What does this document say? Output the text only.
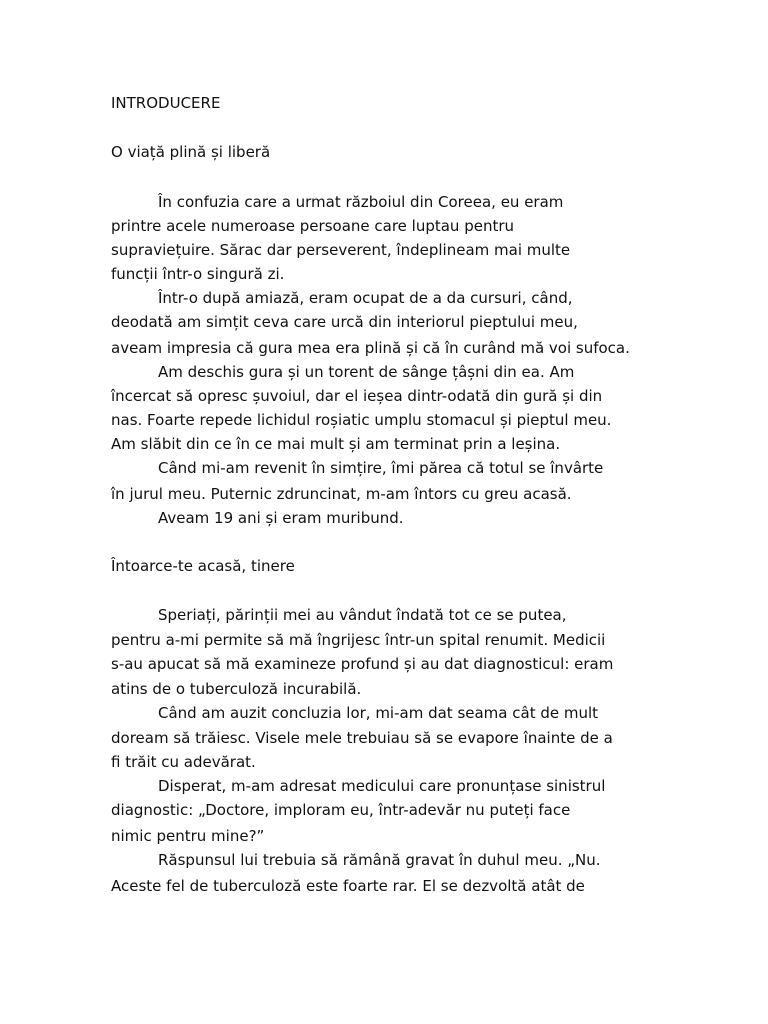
INTRODUCERE

O viață plină și liberă

În confuzia care a urmat războiul din Coreea, eu eram

printre acele numeroase persoane care luptau pentru

supraviețuire. Sărac dar perseverent, îndeplineam mai multe

funcții într-o singură zi.

Într-o după amiază, eram ocupat de a da cursuri, când,

deodată am simțit ceva care urcă din interiorul pieptului meu,

aveam impresia că gura mea era plină și că în curând mă voi sufoca.

Am deschis gura și un torent de sânge țâșni din ea. Am

încercat să opresc șuvoiul, dar el ieșea dintr-odată din gură și din

nas. Foarte repede lichidul roșiatic umplu stomacul și pieptul meu.

Am slăbit din ce în ce mai mult și am terminat prin a leșina.

Când mi-am revenit în simțire, îmi părea că totul se învârte

în jurul meu. Puternic zdruncinat, m-am întors cu greu acasă.

Aveam 19 ani și eram muribund.

Întoarce-te acasă, tinere

Speriați, părinții mei au vândut îndată tot ce se putea,

pentru a-mi permite să mă îngrijesc într-un spital renumit. Medicii

s-au apucat să mă examineze profund și au dat diagnosticul: eram

atins de o tuberculoză incurabilă.

Când am auzit concluzia lor, mi-am dat seama cât de mult

doream să trăiesc. Visele mele trebuiau să se evapore înainte de a

fi trăit cu adevărat.

Disperat, m-am adresat medicului care pronunțase sinistrul

diagnostic: „Doctore, imploram eu, într-adevăr nu puteți face

nimic pentru mine?”

Răspunsul lui trebuia să rămână gravat în duhul meu. „Nu.

Aceste fel de tuberculoză este foarte rar. El se dezvoltă atât de
